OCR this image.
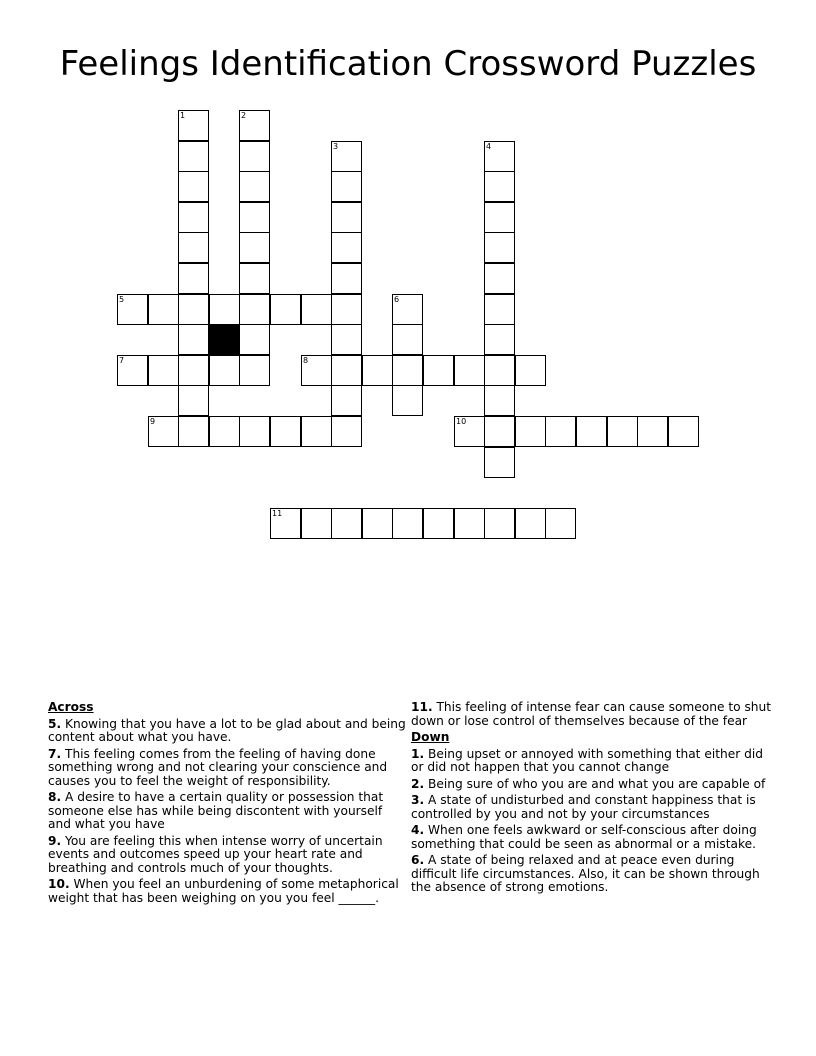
Feelings Identification Crossword Puzzles
1	2
3	4
5	6
7	8
9	10
11
Across
5. Knowing that you have a lot to be glad about and being content about what you have.
7. This feeling comes from the feeling of having done something wrong and not clearing your conscience and causes you to feel the weight of responsibility.
8. A desire to have a certain quality or possession that someone else has while being discontent with yourself and what you have
9. You are feeling this when intense worry of uncertain events and outcomes speed up your heart rate and breathing and controls much of your thoughts.
10. When you feel an unburdening of some metaphorical weight that has been weighing on you you feel ______.
11. This feeling of intense fear can cause someone to shut down or lose control of themselves because of the fear
Down
1. Being upset or annoyed with something that either did or did not happen that you cannot change
2. Being sure of who you are and what you are capable of
3. A state of undisturbed and constant happiness that is controlled by you and not by your circumstances
4. When one feels awkward or self-conscious after doing something that could be seen as abnormal or a mistake.
6. A state of being relaxed and at peace even during difficult life circumstances. Also, it can be shown through the absence of strong emotions.
